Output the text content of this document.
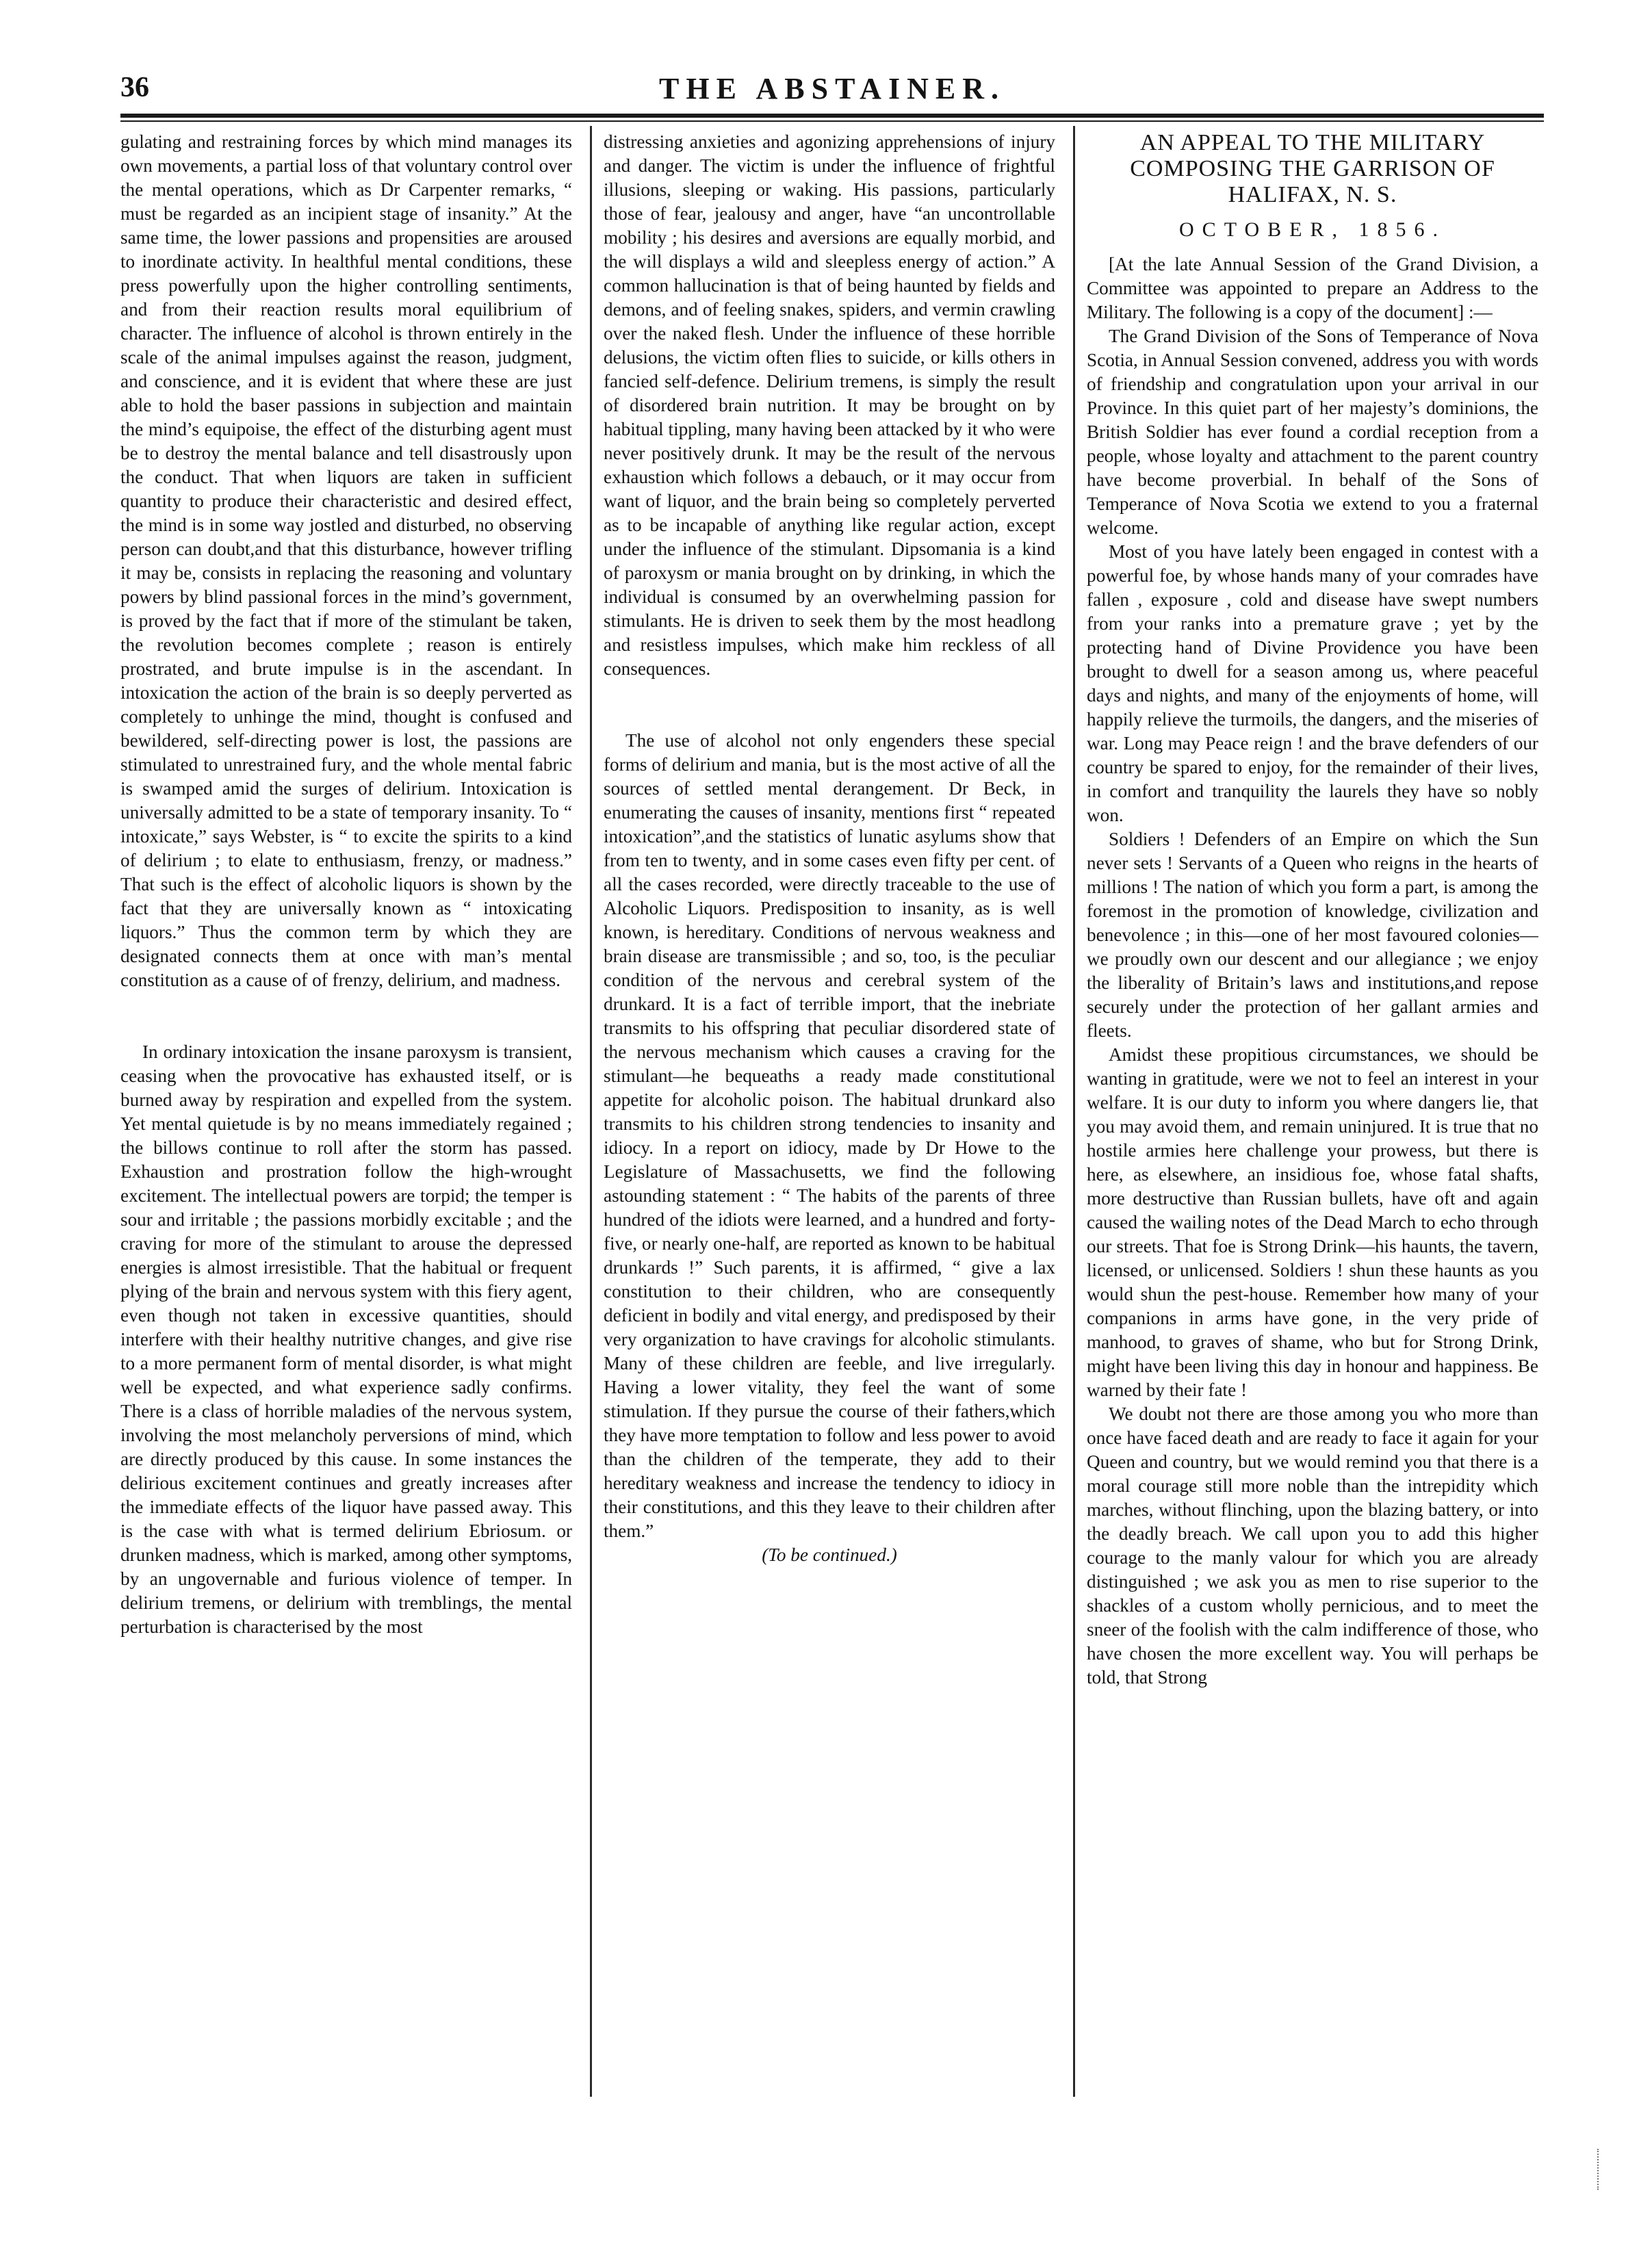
36	THE ABSTAINER.

gulating and restraining forces by which mind manages its own movements, a partial loss of that voluntary control over the mental operations, which as Dr Carpenter remarks, “ must be regarded as an incipient stage of insanity.” At the same time, the lower passions and propensities are aroused to inordinate activity. In healthful mental conditions, these press powerfully upon the higher controlling sentiments, and from their reaction results moral equilibrium of character. The influence of alcohol is thrown entirely in the scale of the animal impulses against the reason, judgment, and conscience, and it is evident that where these are just able to hold the baser passions in subjection and maintain the mind’s equipoise, the effect of the disturbing agent must be to destroy the mental balance and tell disastrously upon the conduct. That when liquors are taken in sufficient quantity to produce their characteristic and desired effect, the mind is in some way jostled and disturbed, no observing person can doubt,and that this disturbance, however trifling it may be, consists in replacing the reasoning and voluntary powers by blind passional forces in the mind’s government, is proved by the fact that if more of the stimulant be taken, the revolution becomes complete ; reason is entirely prostrated, and brute impulse is in the ascendant. In intoxication the action of the brain is so deeply perverted as completely to unhinge the mind, thought is confused and bewildered, self-directing power is lost, the passions are stimulated to unrestrained fury, and the whole mental fabric is swamped amid the surges of delirium. Intoxication is universally admitted to be a state of temporary insanity. To “ intoxicate,” says Webster, is “ to excite the spirits to a kind of delirium ; to elate to enthusiasm, frenzy, or madness.” That such is the effect of alcoholic liquors is shown by the fact that they are universally known as “ intoxicating liquors.” Thus the common term by which they are designated connects them at once with man’s mental constitution as a cause of of frenzy, delirium, and madness.

In ordinary intoxication the insane paroxysm is transient, ceasing when the provocative has exhausted itself, or is burned away by respiration and expelled from the system. Yet mental quietude is by no means immediately regained ; the billows continue to roll after the storm has passed. Exhaustion and prostration follow the high-wrought excitement. The intellectual powers are torpid; the temper is sour and irritable ; the passions morbidly excitable ; and the craving for more of the stimulant to arouse the depressed energies is almost irresistible. That the habitual or frequent plying of the brain and nervous system with this fiery agent, even though not taken in excessive quantities, should interfere with their healthy nutritive changes, and give rise to a more permanent form of mental disorder, is what might well be expected, and what experience sadly confirms. There is a class of horrible maladies of the nervous system, involving the most melancholy perversions of mind, which are directly produced by this cause. In some instances the delirious excitement continues and greatly increases after the immediate effects of the liquor have passed away. This is the case with what is termed delirium Ebriosum. or drunken madness, which is marked, among other symptoms, by an ungovernable and furious violence of temper. In delirium tremens, or delirium with tremblings, the mental perturbation is characterised by the most

distressing anxieties and agonizing apprehensions of injury and danger. The victim is under the influence of frightful illusions, sleeping or waking. His passions, particularly those of fear, jealousy and anger, have “an uncontrollable mobility ; his desires and aversions are equally morbid, and the will displays a wild and sleepless energy of action.” A common hallucination is that of being haunted by fields and demons, and of feeling snakes, spiders, and vermin crawling over the naked flesh. Under the influence of these horrible delusions, the victim often flies to suicide, or kills others in fancied self-defence. Delirium tremens, is simply the result of disordered brain nutrition. It may be brought on by habitual tippling, many having been attacked by it who were never positively drunk. It may be the result of the nervous exhaustion which follows a debauch, or it may occur from want of liquor, and the brain being so completely perverted as to be incapable of anything like regular action, except under the influence of the stimulant. Dipsomania is a kind of paroxysm or mania brought on by drinking, in which the individual is consumed by an overwhelming passion for stimulants. He is driven to seek them by the most headlong and resistless impulses, which make him reckless of all consequences.

The use of alcohol not only engenders these special forms of delirium and mania, but is the most active of all the sources of settled mental derangement. Dr Beck, in enumerating the causes of insanity, mentions first “ repeated intoxication”,and the statistics of lunatic asylums show that from ten to twenty, and in some cases even fifty per cent. of all the cases recorded, were directly traceable to the use of Alcoholic Liquors. Predisposition to insanity, as is well known, is hereditary. Conditions of nervous weakness and brain disease are transmissible ; and so, too, is the peculiar condition of the nervous and cerebral system of the drunkard. It is a fact of terrible import, that the inebriate transmits to his offspring that peculiar disordered state of the nervous mechanism which causes a craving for the stimulant—he bequeaths a ready made constitutional appetite for alcoholic poison. The habitual drunkard also transmits to his children strong tendencies to insanity and idiocy. In a report on idiocy, made by Dr Howe to the Legislature of Massachusetts, we find the following astounding statement : “ The habits of the parents of three hundred of the idiots were learned, and a hundred and forty-five, or nearly one-half, are reported as known to be habitual drunkards !” Such parents, it is affirmed, “ give a lax constitution to their children, who are consequently deficient in bodily and vital energy, and predisposed by their very organization to have cravings for alcoholic stimulants. Many of these children are feeble, and live irregularly. Having a lower vitality, they feel the want of some stimulation. If they pursue the course of their fathers,which they have more temptation to follow and less power to avoid than the children of the temperate, they add to their hereditary weakness and increase the tendency to idiocy in their constitutions, and this they leave to their children after them.”

(To be continued.)

AN APPEAL TO THE MILITARY COMPOSING THE GARRISON OF HALIFAX, N. S.
OCTOBER, 1856.

[At the late Annual Session of the Grand Division, a Committee was appointed to prepare an Address to the Military. The following is a copy of the document] :—

The Grand Division of the Sons of Temperance of Nova Scotia, in Annual Session convened, address you with words of friendship and congratulation upon your arrival in our Province. In this quiet part of her majesty’s dominions, the British Soldier has ever found a cordial reception from a people, whose loyalty and attachment to the parent country have become proverbial. In behalf of the Sons of Temperance of Nova Scotia we extend to you a fraternal welcome.

Most of you have lately been engaged in contest with a powerful foe, by whose hands many of your comrades have fallen , exposure , cold and disease have swept numbers from your ranks into a premature grave ; yet by the protecting hand of Divine Providence you have been brought to dwell for a season among us, where peaceful days and nights, and many of the enjoyments of home, will happily relieve the turmoils, the dangers, and the miseries of war. Long may Peace reign ! and the brave defenders of our country be spared to enjoy, for the remainder of their lives, in comfort and tranquility the laurels they have so nobly won.

Soldiers ! Defenders of an Empire on which the Sun never sets ! Servants of a Queen who reigns in the hearts of millions ! The nation of which you form a part, is among the foremost in the promotion of knowledge, civilization and benevolence ; in this—one of her most favoured colonies—we proudly own our descent and our allegiance ; we enjoy the liberality of Britain’s laws and institutions,and repose securely under the protection of her gallant armies and fleets.

Amidst these propitious circumstances, we should be wanting in gratitude, were we not to feel an interest in your welfare. It is our duty to inform you where dangers lie, that you may avoid them, and remain uninjured. It is true that no hostile armies here challenge your prowess, but there is here, as elsewhere, an insidious foe, whose fatal shafts, more destructive than Russian bullets, have oft and again caused the wailing notes of the Dead March to echo through our streets. That foe is Strong Drink—his haunts, the tavern, licensed, or unlicensed. Soldiers ! shun these haunts as you would shun the pest-house. Remember how many of your companions in arms have gone, in the very pride of manhood, to graves of shame, who but for Strong Drink, might have been living this day in honour and happiness. Be warned by their fate !

We doubt not there are those among you who more than once have faced death and are ready to face it again for your Queen and country, but we would remind you that there is a moral courage still more noble than the intrepidity which marches, without flinching, upon the blazing battery, or into the deadly breach. We call upon you to add this higher courage to the manly valour for which you are already distinguished ; we ask you as men to rise superior to the shackles of a custom wholly pernicious, and to meet the sneer of the foolish with the calm indifference of those, who have chosen the more excellent way. You will perhaps be told, that Strong
